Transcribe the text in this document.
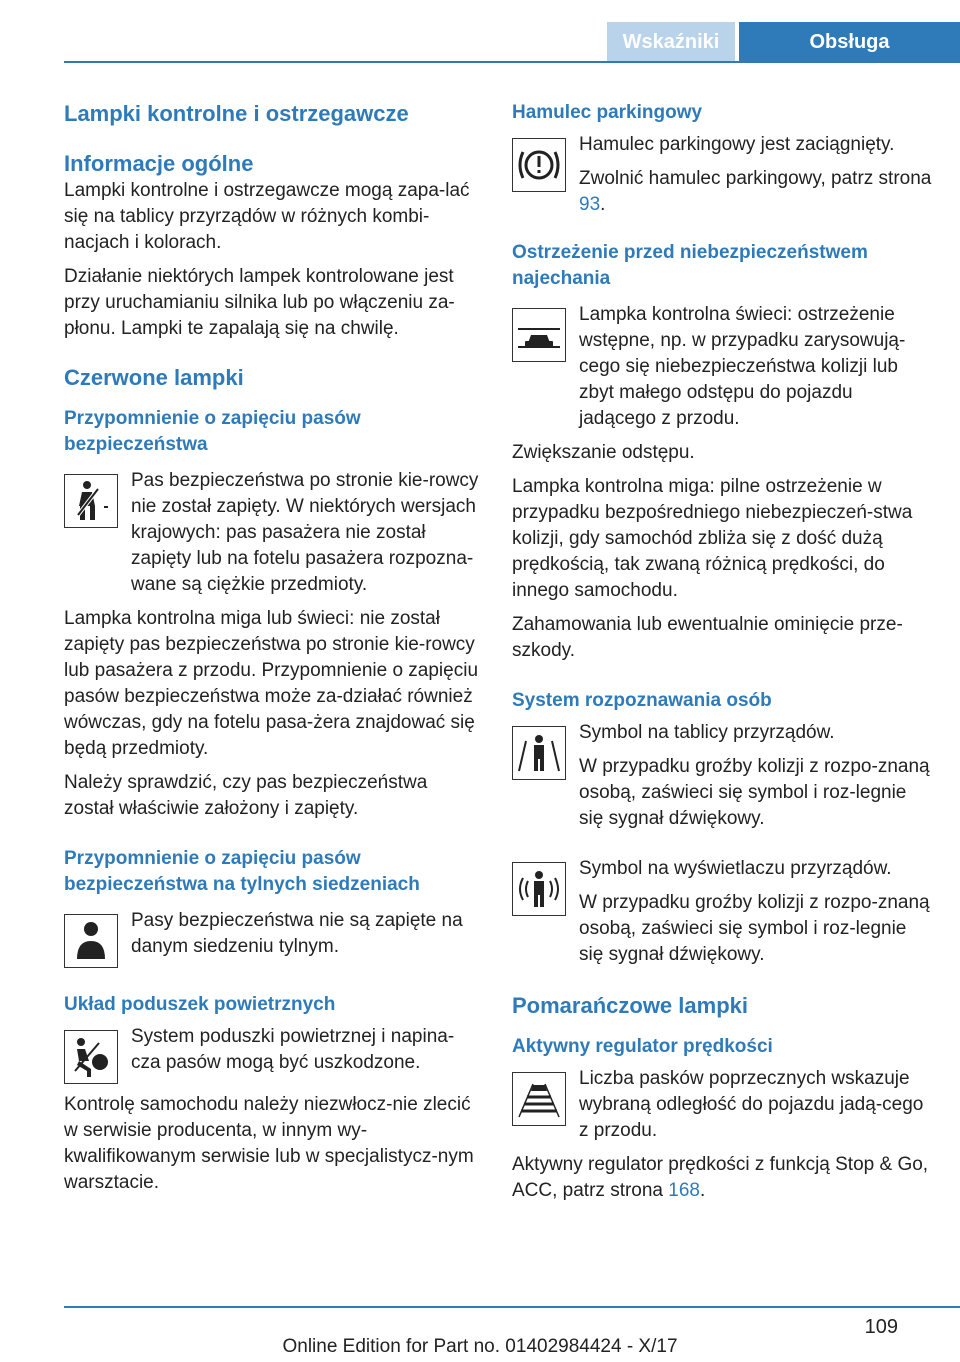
Wskaźniki	Obsługa
Lampki kontrolne i ostrzegawcze
Informacje ogólne

Lampki kontrolne i ostrzegawcze mogą zapa‐lać się na tablicy przyrządów w różnych kombi‐nacjach i kolorach.

Działanie niektórych lampek kontrolowane jest przy uruchamianiu silnika lub po włączeniu za‐płonu. Lampki te zapalają się na chwilę.

Czerwone lampki
Przypomnienie o zapięciu pasów bezpieczeństwa

Pas bezpieczeństwa po stronie kie‐rowcy nie został zapięty. W niektórych wersjach krajowych: pas pasażera nie został zapięty lub na fotelu pasażera rozpozna‐wane są ciężkie przedmioty.

Lampka kontrolna miga lub świeci: nie został zapięty pas bezpieczeństwa po stronie kie‐rowcy lub pasażera z przodu. Przypomnienie o zapięciu pasów bezpieczeństwa może za‐działać również wówczas, gdy na fotelu pasa‐żera znajdować się będą przedmioty.

Należy sprawdzić, czy pas bezpieczeństwa został właściwie założony i zapięty.

Przypomnienie o zapięciu pasów bezpieczeństwa na tylnych siedzeniach

Pasy bezpieczeństwa nie są zapięte na danym siedzeniu tylnym.

Układ poduszek powietrznych

System poduszki powietrznej i napina‐cza pasów mogą być uszkodzone.

Kontrolę samochodu należy niezwłocz‐nie zlecić w serwisie producenta, w innym wy‐kwalifikowanym serwisie lub w specjalistycz‐nym warsztacie.

Hamulec parkingowy

Hamulec parkingowy jest zaciągnięty.

Zwolnić hamulec parkingowy, patrz strona 93.

Ostrzeżenie przed niebezpieczeństwem najechania

Lampka kontrolna świeci: ostrzeżenie wstępne, np. w przypadku zarysowują‐cego się niebezpieczeństwa kolizji lub zbyt małego odstępu do pojazdu jadącego z przodu.

Zwiększanie odstępu.

Lampka kontrolna miga: pilne ostrzeżenie w przypadku bezpośredniego niebezpieczeń‐stwa kolizji, gdy samochód zbliża się z dość dużą prędkością, tak zwaną różnicą prędkości, do innego samochodu.

Zahamowania lub ewentualnie ominięcie prze‐szkody.

System rozpoznawania osób

Symbol na tablicy przyrządów.

W przypadku groźby kolizji z rozpo‐znaną osobą, zaświeci się symbol i roz‐legnie się sygnał dźwiękowy.

Symbol na wyświetlaczu przyrządów.

W przypadku groźby kolizji z rozpo‐znaną osobą, zaświeci się symbol i roz‐legnie się sygnał dźwiękowy.

Pomarańczowe lampki
Aktywny regulator prędkości

Liczba pasków poprzecznych wskazuje wybraną odległość do pojazdu jadą‐cego z przodu.

Aktywny regulator prędkości z funkcją Stop & Go, ACC, patrz strona 168.

109
Online Edition for Part no. 01402984424 - X/17
